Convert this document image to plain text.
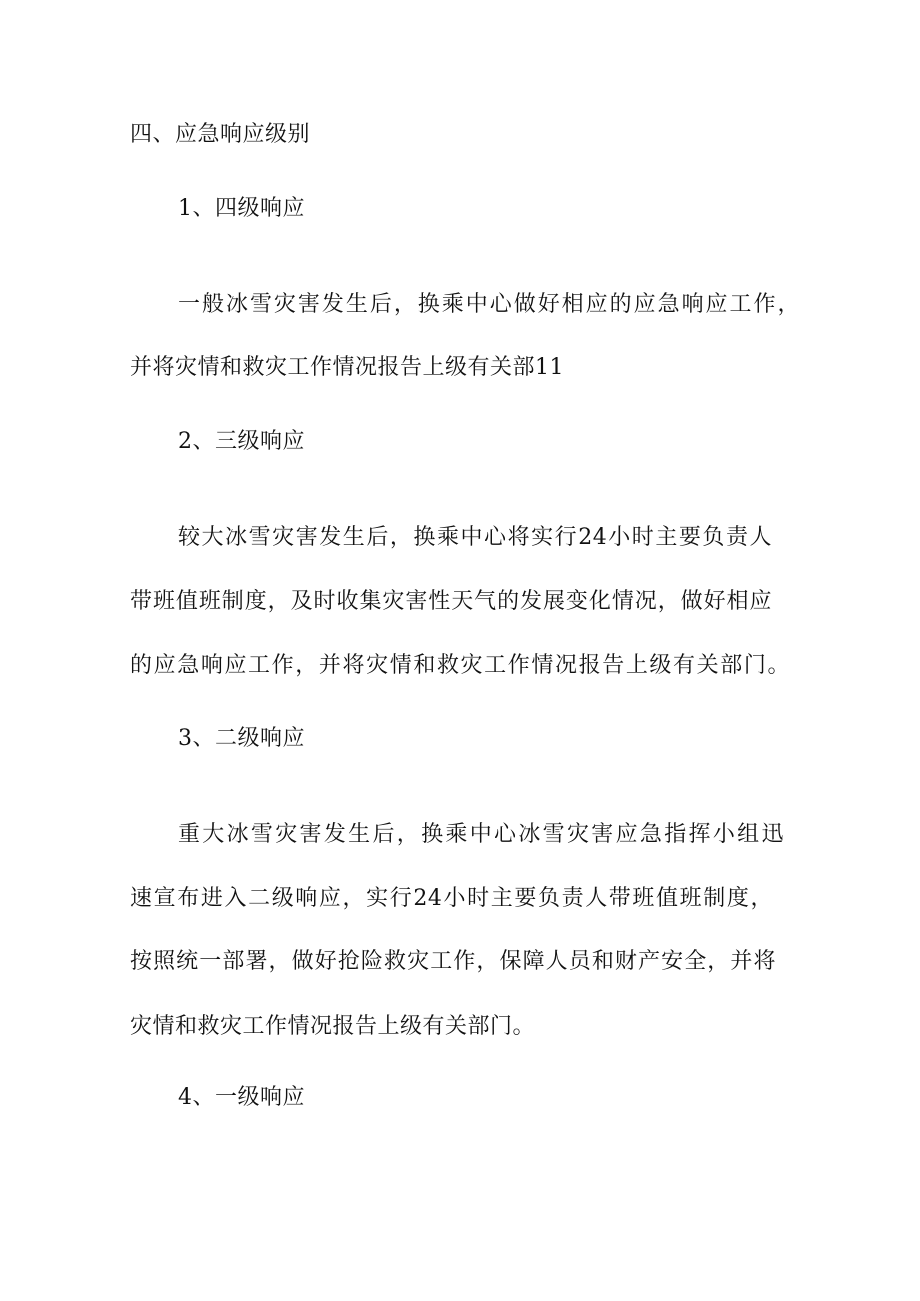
四、应急响应级别
1、四级响应
一般冰雪灾害发生后，换乘中心做好相应的应急响应工作，
并将灾情和救灾工作情况报告上级有关部11
2、三级响应
较大冰雪灾害发生后，换乘中心将实行24小时主要负责人
带班值班制度，及时收集灾害性天气的发展变化情况，做好相应
的应急响应工作，并将灾情和救灾工作情况报告上级有关部门。
3、二级响应
重大冰雪灾害发生后，换乘中心冰雪灾害应急指挥小组迅
速宣布进入二级响应，实行24小时主要负责人带班值班制度，
按照统一部署，做好抢险救灾工作，保障人员和财产安全，并将
灾情和救灾工作情况报告上级有关部门。
4、一级响应
